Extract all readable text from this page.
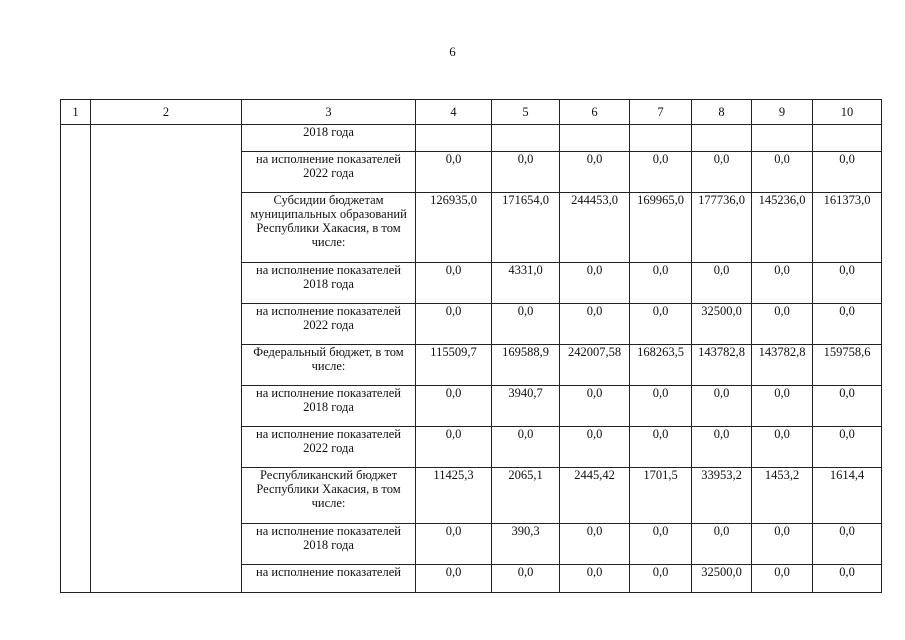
6
1	2	3	4	5	6	7	8	9	10
		2018 года							
		на исполнение показателей 2022 года	0,0	0,0	0,0	0,0	0,0	0,0	0,0
		Субсидии бюджетам муниципальных образований Республики Хакасия, в том числе:	126935,0	171654,0	244453,0	169965,0	177736,0	145236,0	161373,0
		на исполнение показателей 2018 года	0,0	4331,0	0,0	0,0	0,0	0,0	0,0
		на исполнение показателей 2022 года	0,0	0,0	0,0	0,0	32500,0	0,0	0,0
		Федеральный бюджет, в том числе:	115509,7	169588,9	242007,58	168263,5	143782,8	143782,8	159758,6
		на исполнение показателей 2018 года	0,0	3940,7	0,0	0,0	0,0	0,0	0,0
		на исполнение показателей 2022 года	0,0	0,0	0,0	0,0	0,0	0,0	0,0
		Республиканский бюджет Республики Хакасия, в том числе:	11425,3	2065,1	2445,42	1701,5	33953,2	1453,2	1614,4
		на исполнение показателей 2018 года	0,0	390,3	0,0	0,0	0,0	0,0	0,0
		на исполнение показателей	0,0	0,0	0,0	0,0	32500,0	0,0	0,0
